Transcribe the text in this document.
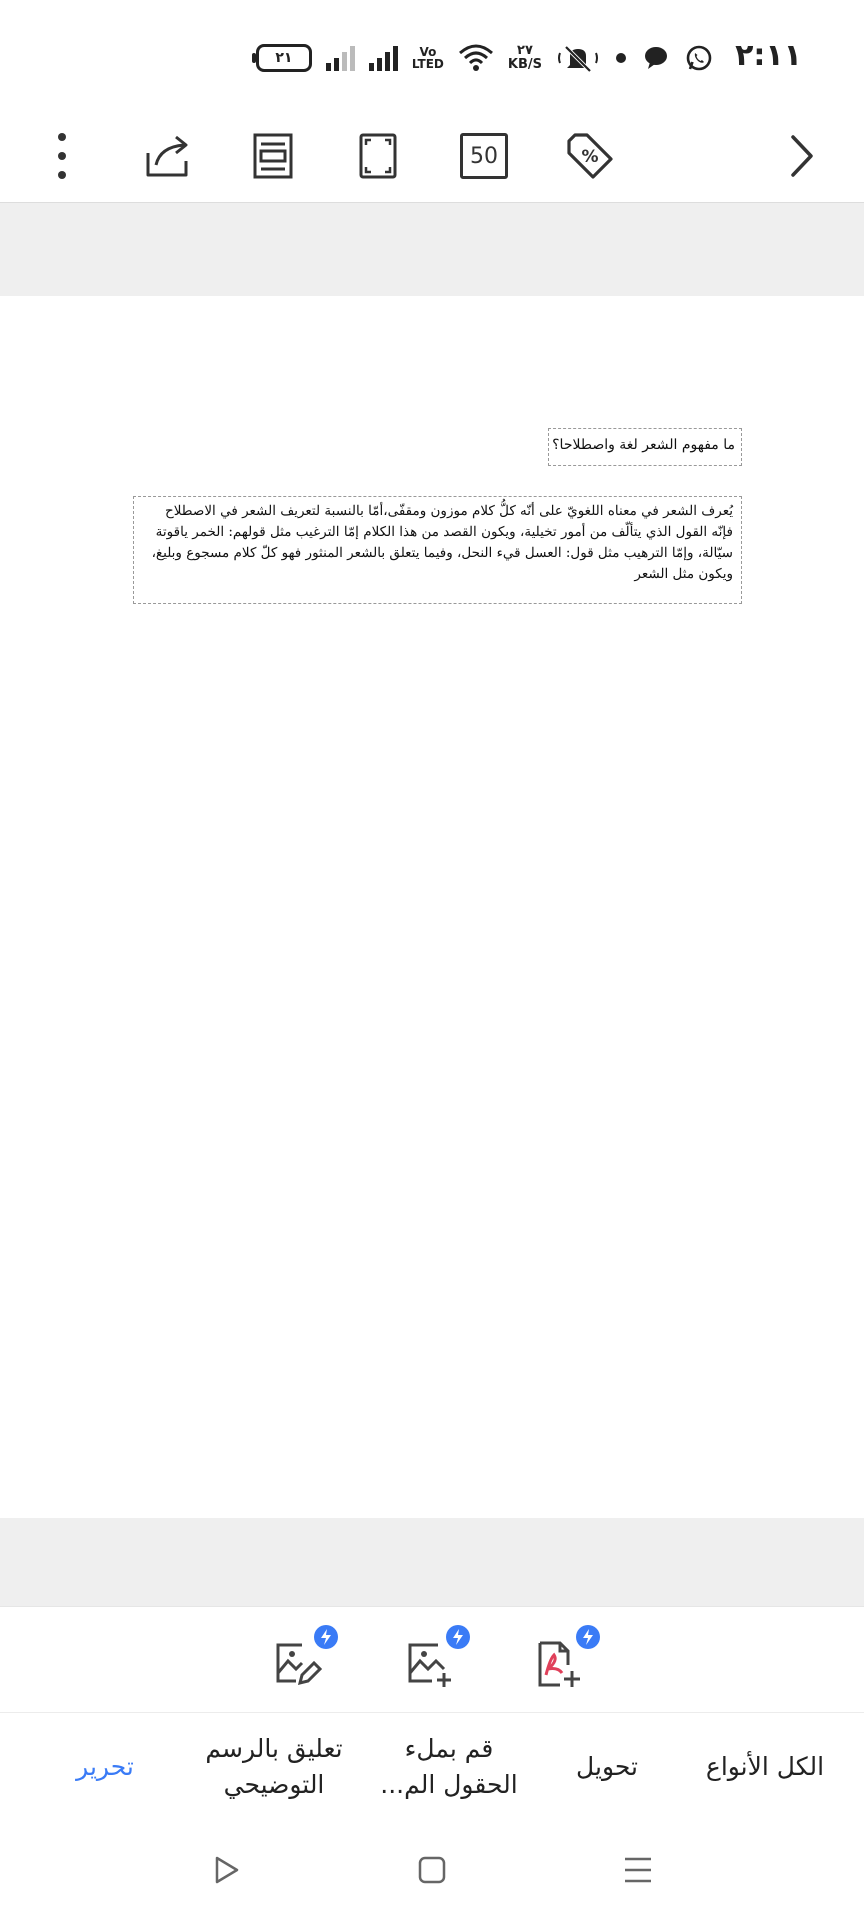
٢:١١
٢٧
KB/S
Vo
LTED
٢١
50	%
ما مفهوم الشعر لغة واصطلاحا؟
يُعرف الشعر في معناه اللغويّ على أنّه كلُّ كلام موزون ومقفّى،أمّا بالنسبة لتعريف الشعر في الاصطلاح فإنّه القول الذي يتألّف من أمور تخيلية، ويكون القصد من هذا الكلام إمّا الترغيب مثل قولهم: الخمر ياقوتة سيّالة، وإمّا الترهيب مثل قول: العسل قيء النحل، وفيما يتعلق بالشعر المنثور فهو كلّ كلام مسجوع وبليغ، ويكون مثل الشعر
الكل الأنواع
تحويل
قم بملء الحقول الم...
تعليق بالرسم التوضيحي
تحرير
